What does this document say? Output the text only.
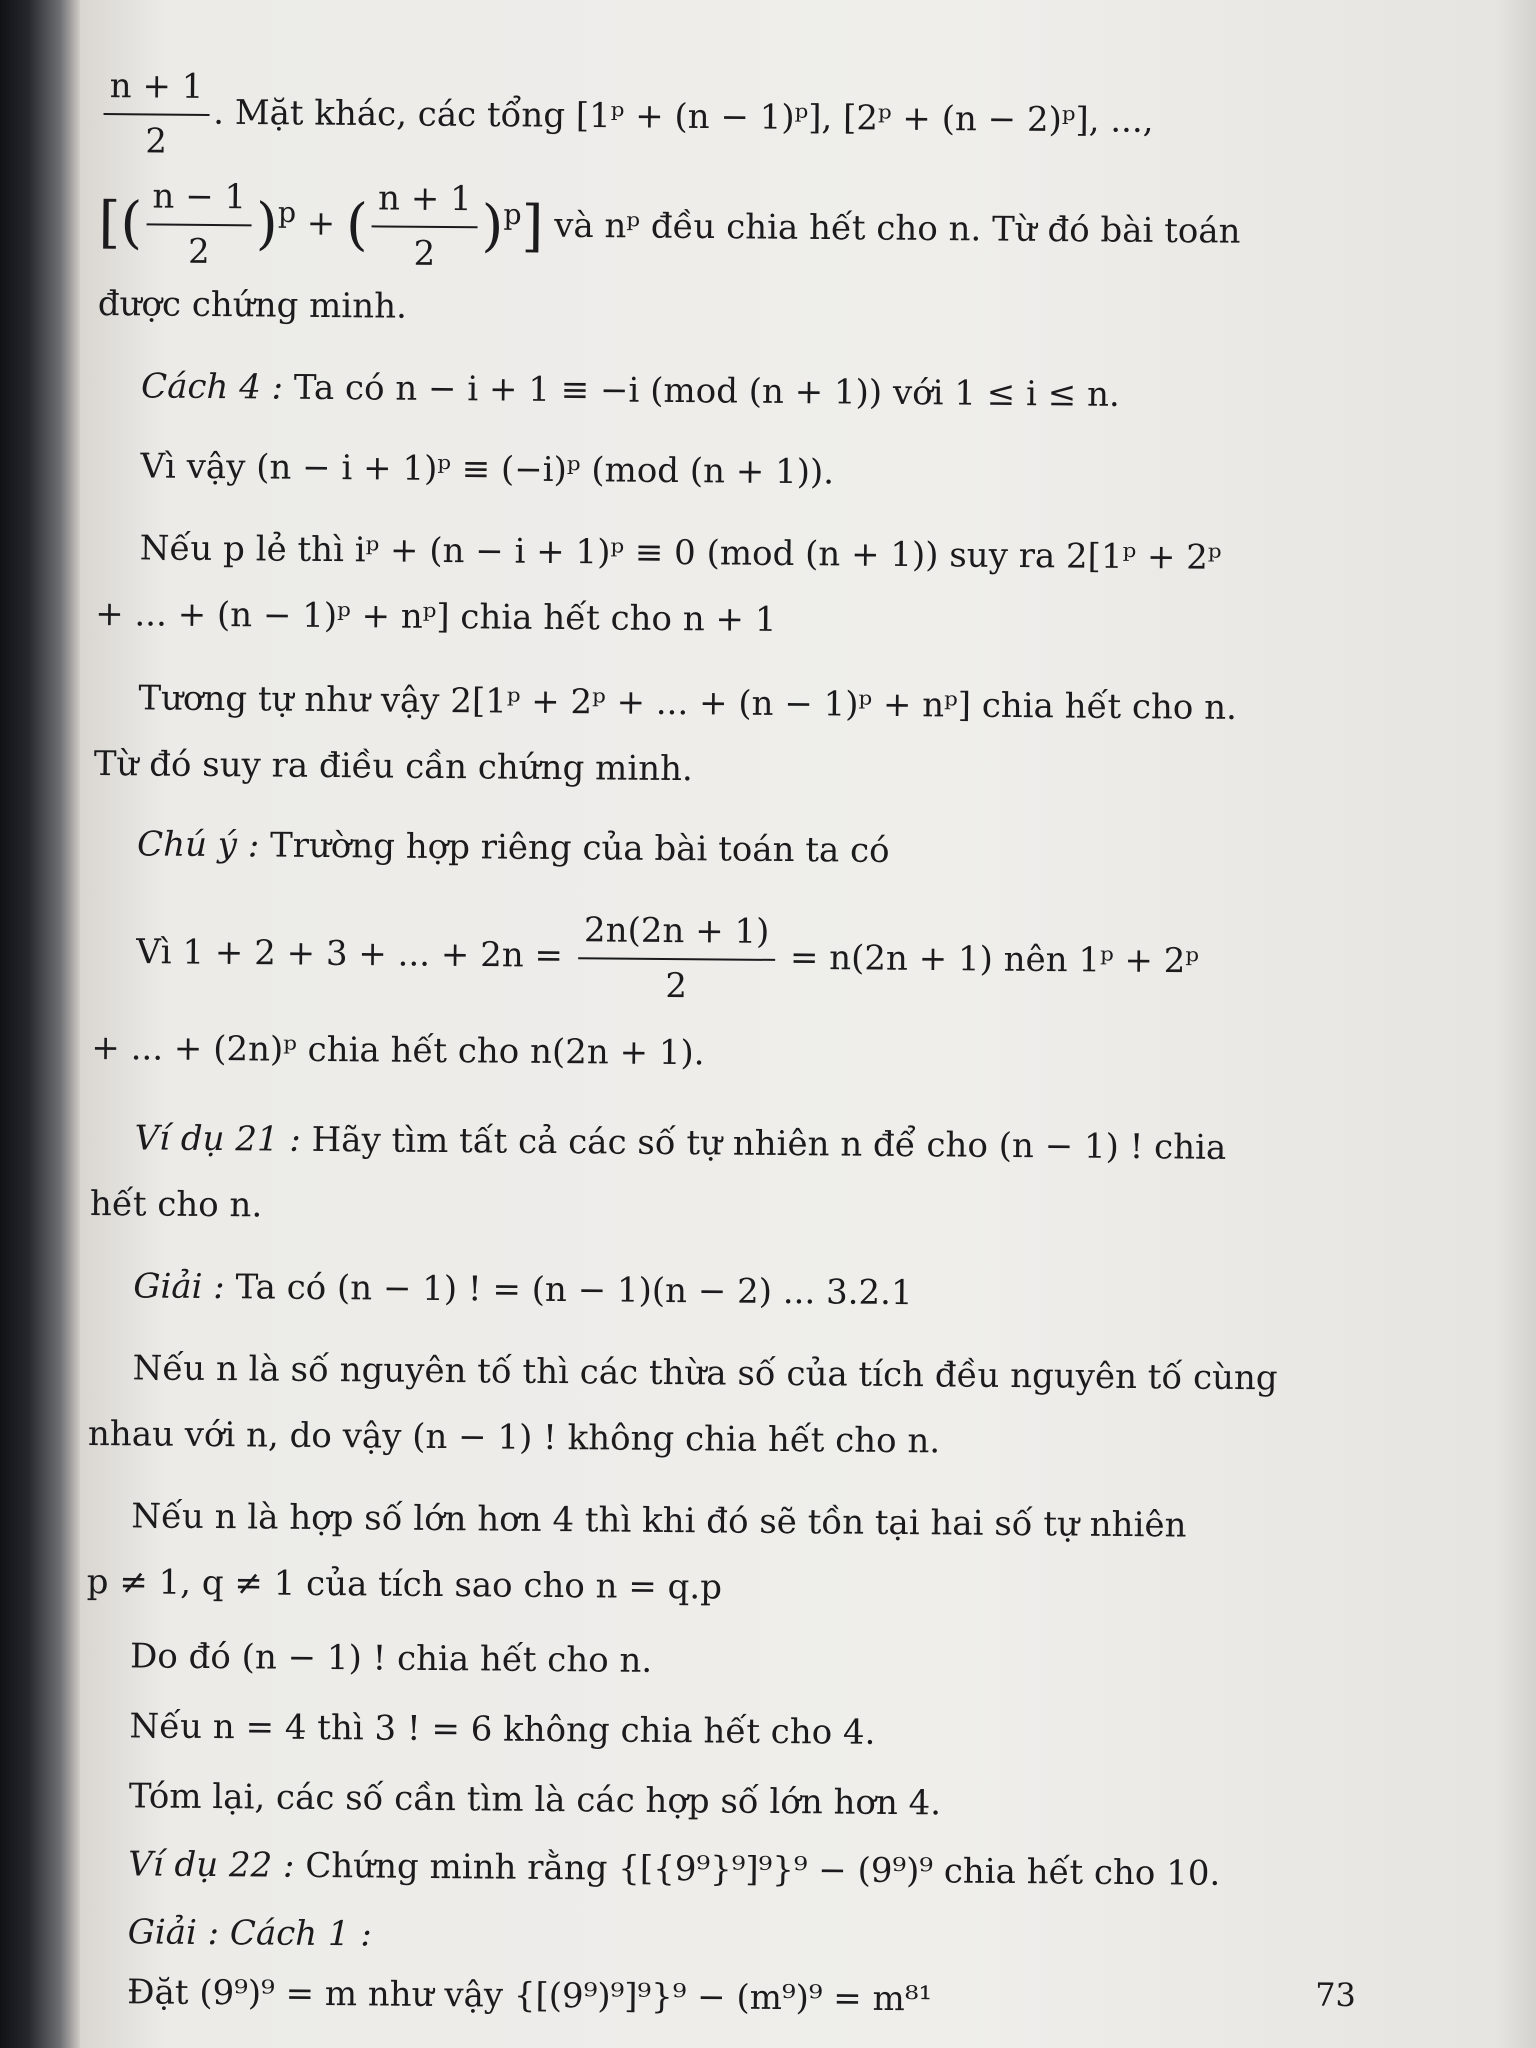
$\frac{n + 1}{2}$ . Mặt khác, các tổng [1ᵖ + (n − 1)ᵖ], [2ᵖ + (n − 2)ᵖ], ...,
[( $\frac{n - 1}{2} )^p$ + ( $\frac{n + 1}{2} )^p$] và nᵖ đều chia hết cho n. Từ đó bài toán
được chứng minh.
Cách 4 : Ta có n − i + 1 ≡ −i (mod (n + 1)) với 1 ≤ i ≤ n.
Vì vậy (n − i + 1)ᵖ ≡ (−i)ᵖ (mod (n + 1)).
Nếu p lẻ thì iᵖ + (n − i + 1)ᵖ ≡ 0 (mod (n + 1)) suy ra 2[1ᵖ + 2ᵖ
+ ... + (n − 1)ᵖ + nᵖ] chia hết cho n + 1
Tương tự như vậy 2[1ᵖ + 2ᵖ + ... + (n − 1)ᵖ + nᵖ] chia hết cho n.
Từ đó suy ra điều cần chứng minh.
Chú ý : Trường hợp riêng của bài toán ta có
Vì 1 + 2 + 3 + ... + $2n = \frac{2n(2n + 1)}{2} = n(2n + 1)$ nên 1ᵖ + 2ᵖ
+ ... + (2n)ᵖ chia hết cho n(2n + 1).
Ví dụ 21 : Hãy tìm tất cả các số tự nhiên n để cho (n − 1) ! chia
hết cho n.
Giải : Ta có (n − 1) ! = (n − 1)(n − 2) ... 3.2.1
Nếu n là số nguyên tố thì các thừa số của tích đều nguyên tố cùng
nhau với n, do vậy (n − 1) ! không chia hết cho n.
Nếu n là hợp số lớn hơn 4 thì khi đó sẽ tồn tại hai số tự nhiên
p ≠ 1, q ≠ 1 của tích sao cho n = q.p
Do đó (n − 1) ! chia hết cho n.
Nếu n = 4 thì 3 ! = 6 không chia hết cho 4.
Tóm lại, các số cần tìm là các hợp số lớn hơn 4.
Ví dụ 22 : Chứng minh rằng {[{9⁹}⁹]⁹}⁹ − (9⁹)⁹ chia hết cho 10.
Giải : Cách 1 :
Đặt (9⁹)⁹ = m như vậy {[(9⁹)⁹]⁹}⁹ − (m⁹)⁹ = m⁸¹	73
